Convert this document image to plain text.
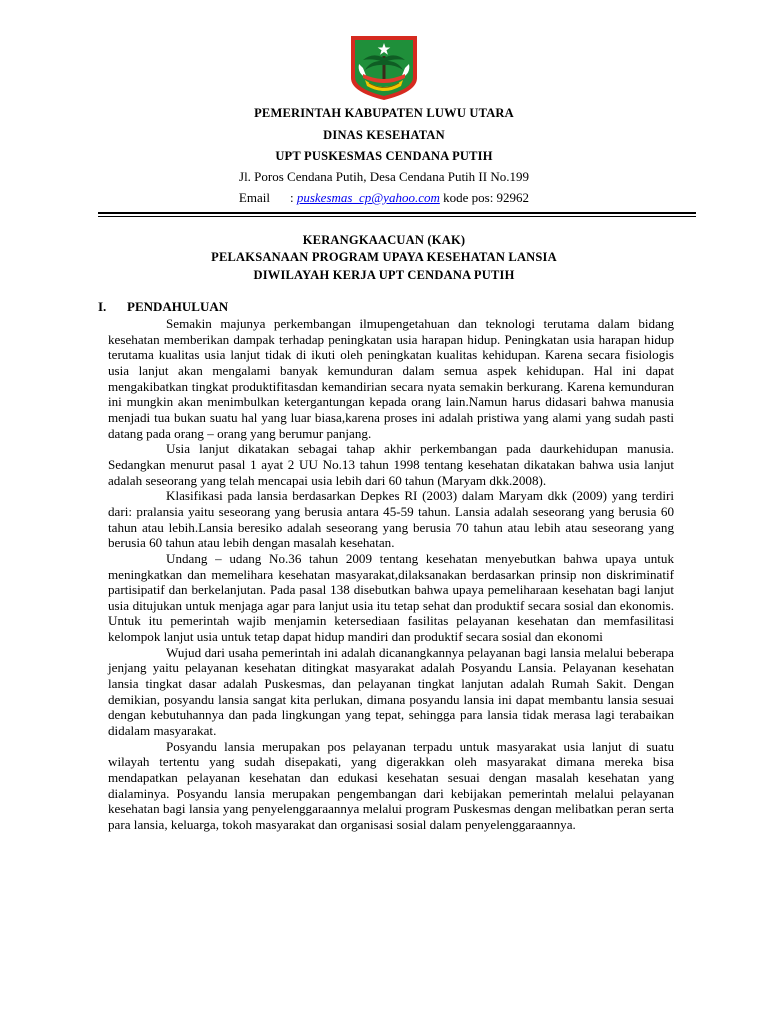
PEMERINTAH KABUPATEN LUWU UTARA
DINAS KESEHATAN
UPT PUSKESMAS CENDANA PUTIH
Jl. Poros Cendana Putih, Desa Cendana Putih II No.199
Email : puskesmas_cp@yahoo.com kode pos: 92962
KERANGKAACUAN (KAK)
PELAKSANAAN PROGRAM UPAYA KESEHATAN LANSIA
DIWILAYAH KERJA UPT CENDANA PUTIH
I. PENDAHULUAN

Semakin majunya perkembangan ilmupengetahuan dan teknologi terutama dalam bidang kesehatan memberikan dampak terhadap peningkatan usia harapan hidup. Peningkatan usia harapan hidup terutama kualitas usia lanjut tidak di ikuti oleh peningkatan kualitas kehidupan. Karena secara fisiologis usia lanjut akan mengalami banyak kemunduran dalam semua aspek kehidupan. Hal ini dapat mengakibatkan tingkat produktifitasdan kemandirian secara nyata semakin berkurang. Karena kemunduran ini mungkin akan menimbulkan ketergantungan kepada orang lain.Namun harus didasari bahwa manusia menjadi tua bukan suatu hal yang luar biasa,karena proses ini adalah pristiwa yang alami yang sudah pasti datang pada orang – orang yang berumur panjang.

Usia lanjut dikatakan sebagai tahap akhir perkembangan pada daurkehidupan manusia. Sedangkan menurut pasal 1 ayat 2 UU No.13 tahun 1998 tentang kesehatan dikatakan bahwa usia lanjut adalah seseorang yang telah mencapai usia lebih dari 60 tahun (Maryam dkk.2008).

Klasifikasi pada lansia berdasarkan Depkes RI (2003) dalam Maryam dkk (2009) yang terdiri dari: pralansia yaitu seseorang yang berusia antara 45-59 tahun. Lansia adalah seseorang yang berusia 60 tahun atau lebih.Lansia beresiko adalah seseorang yang berusia 70 tahun atau lebih atau seseorang yang berusia 60 tahun atau lebih dengan masalah kesehatan.

Undang – udang No.36 tahun 2009 tentang kesehatan menyebutkan bahwa upaya untuk meningkatkan dan memelihara kesehatan masyarakat,dilaksanakan berdasarkan prinsip non diskriminatif partisipatif dan berkelanjutan. Pada pasal 138 disebutkan bahwa upaya pemeliharaan kesehatan bagi lanjut usia ditujukan untuk menjaga agar para lanjut usia itu tetap sehat dan produktif secara sosial dan ekonomis. Untuk itu pemerintah wajib menjamin ketersediaan fasilitas pelayanan kesehatan dan memfasilitasi kelompok lanjut usia untuk tetap dapat hidup mandiri dan produktif secara sosial dan ekonomi

Wujud dari usaha pemerintah ini adalah dicanangkannya pelayanan bagi lansia melalui beberapa jenjang yaitu pelayanan kesehatan ditingkat masyarakat adalah Posyandu Lansia. Pelayanan kesehatan lansia tingkat dasar adalah Puskesmas, dan pelayanan tingkat lanjutan adalah Rumah Sakit. Dengan demikian, posyandu lansia sangat kita perlukan, dimana posyandu lansia ini dapat membantu lansia sesuai dengan kebutuhannya dan pada lingkungan yang tepat, sehingga para lansia tidak merasa lagi terabaikan didalam masyarakat.

Posyandu lansia merupakan pos pelayanan terpadu untuk masyarakat usia lanjut di suatu wilayah tertentu yang sudah disepakati, yang digerakkan oleh masyarakat dimana mereka bisa mendapatkan pelayanan kesehatan dan edukasi kesehatan sesuai dengan masalah kesehatan yang dialaminya. Posyandu lansia merupakan pengembangan dari kebijakan pemerintah melalui pelayanan kesehatan bagi lansia yang penyelenggaraannya melalui program Puskesmas dengan melibatkan peran serta para lansia, keluarga, tokoh masyarakat dan organisasi sosial dalam penyelenggaraannya.
